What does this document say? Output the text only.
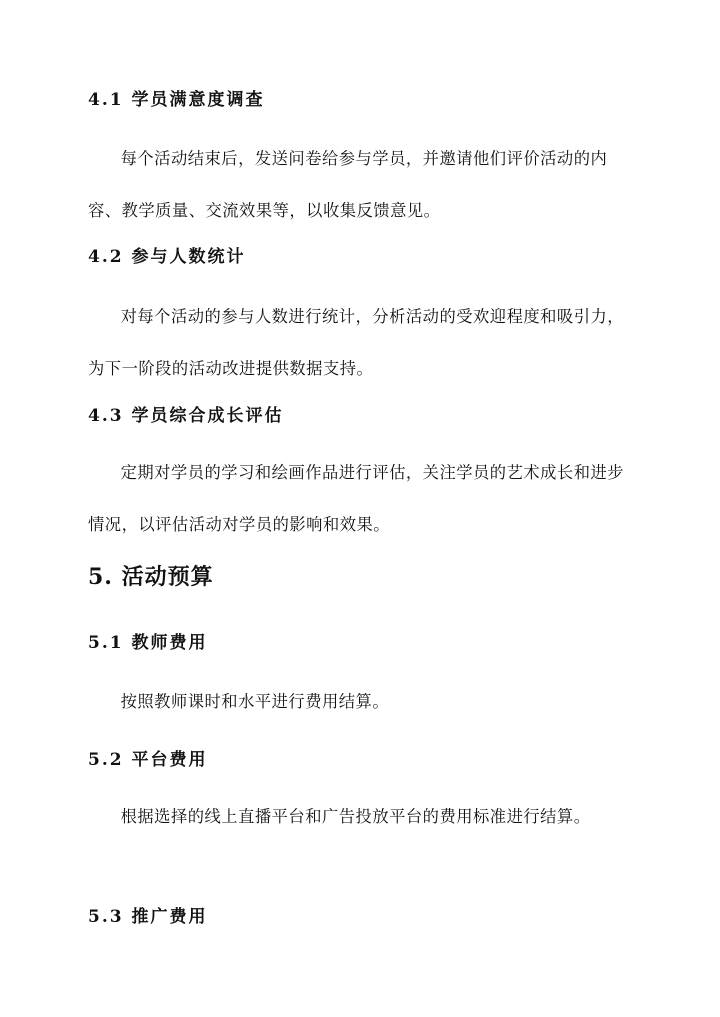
4.1 学员满意度调查

每个活动结束后，发送问卷给参与学员，并邀请他们评价活动的内容、教学质量、交流效果等，以收集反馈意见。

4.2 参与人数统计

对每个活动的参与人数进行统计，分析活动的受欢迎程度和吸引力，为下一阶段的活动改进提供数据支持。

4.3 学员综合成长评估

定期对学员的学习和绘画作品进行评估，关注学员的艺术成长和进步情况，以评估活动对学员的影响和效果。

5. 活动预算
5.1 教师费用

按照教师课时和水平进行费用结算。

5.2 平台费用

根据选择的线上直播平台和广告投放平台的费用标准进行结算。

5.3 推广费用
